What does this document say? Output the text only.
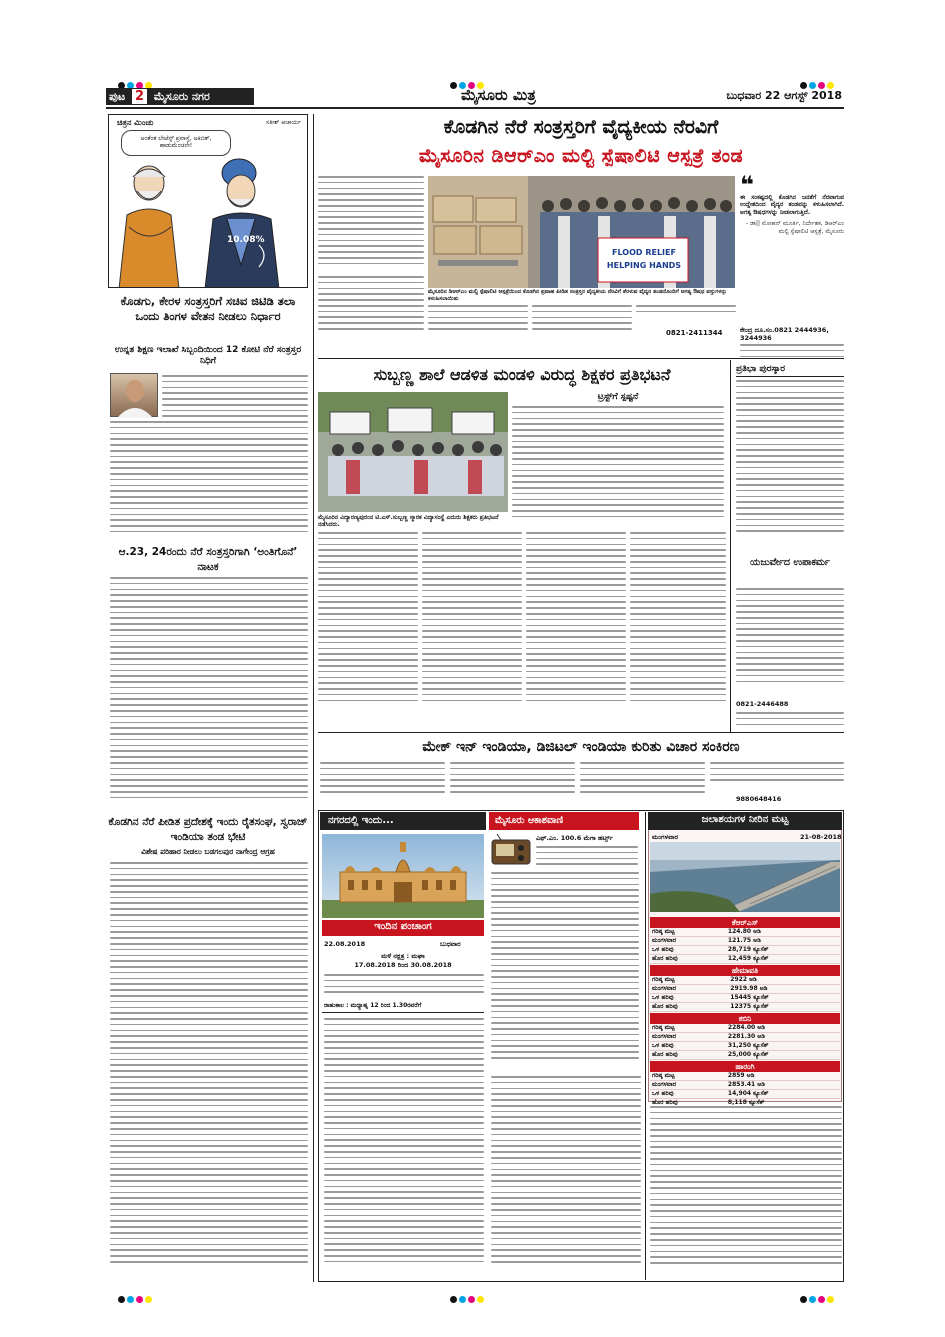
ಪುಟ 2 ಮೈಸೂರು ನಗರ	ಮೈಸೂರು ಮಿತ್ರ	ಬುಧವಾರ 22 ಆಗಸ್ಟ್ 2018
ಚಿತ್ರನ ಮಿಂಚು	ಸತೀಶ್ ಆಚಾರ್ಯ
ಅಂತೆಂತ ಲೇಟೆಸ್ಟ್ ಪ್ರವಾಸ್ತೆ, ಅಕಿಬಿತ್, ಹಾಡುಮೆಂಚನೇ!
10.08%
ಕೊಡಗು, ಕೇರಳ ಸಂತ್ರಸ್ತರಿಗೆ ಸಚಿವ ಜಿಟಿಡಿ ತಲಾ ಒಂದು ತಿಂಗಳ ವೇತನ ನೀಡಲು ನಿರ್ಧಾರ
ಉನ್ನತ ಶಿಕ್ಷಣ ಇಲಾಖೆ ಸಿಬ್ಬಂದಿಯಿಂದ 12 ಕೋಟಿ ನೆರೆ ಸಂತ್ರಸ್ತರ ನಿಧಿಗೆ
ಆ.23, 24ರಂದು ನೆರೆ ಸಂತ್ರಸ್ತರಿಗಾಗಿ ‘ಅಂತಿಗೊನೆ’ ನಾಟಕ
ಕೊಡಗಿನ ನೆರೆ ಪೀಡಿತ ಪ್ರದೇಶಕ್ಕೆ ಇಂದು ರೈತಸಂಘ, ಸ್ವರಾಜ್ ಇಂಡಿಯಾ ತಂಡ ಭೇಟಿ
ವಿಶೇಷ ಪರಿಹಾರ ನೀಡಲು ಬಡಗಲಪುರ ನಾಗೇಂದ್ರ ಆಗ್ರಹ
ಕೊಡಗಿನ ನೆರೆ ಸಂತ್ರಸ್ತರಿಗೆ ವೈದ್ಯಕೀಯ ನೆರವಿಗೆ
ಮೈಸೂರಿನ ಡಿಆರ್‌ಎಂ ಮಲ್ಟಿ ಸ್ಪೆಷಾಲಿಟಿ ಆಸ್ಪತ್ರೆ ತಂಡ
FLOOD RELIEF
HELPING HANDS
ಮೈಸೂರಿನ ಡಿಆರ್‌ಎಂ ಮಲ್ಟಿ ಸ್ಪೆಷಾಲಿಟಿ ಆಸ್ಪತ್ರೆಯಿಂದ ಕೊಡಗಿನ ಪ್ರವಾಹ ಪೀಡಿತ ಸಂತ್ರಸ್ತರ ವೈದ್ಯಕೀಯ ನೆರವಿಗೆ ತೆರಳುವ ವೈದ್ಯರ ತಂಡದೊಂದಿಗೆ ಅಗತ್ಯ ಔಷಧ ವಸ್ತುಗಳನ್ನು ಕಳುಹಿಸಲಾಯಿತು
❝
ಈ ಸಂಕಷ್ಟದಲ್ಲಿ ಕೊಡಗಿನ ಜನತೆಗೆ ನೆರವಾಗುವ ಉದ್ದೇಶದಿಂದ ವೈದ್ಯರ ತಂಡವನ್ನು ಕಳುಹಿಸಲಾಗಿದೆ. ಅಗತ್ಯ ಔಷಧಗಳನ್ನು ನೀಡಲಾಗುತ್ತಿದೆ.
- ಡಾ|| ಮೋಹನ್ ಮೂರ್ತಿ, ನಿರ್ದೇಶಕ, ಡಿಆರ್‌ಎಂ ಮಲ್ಟಿ ಸ್ಪೆಷಾಲಿಟಿ ಆಸ್ಪತ್ರೆ, ಮೈಸೂರು
0821-2411344	ಕೇಂದ್ರ ದೂ.ಸಂ.0821 2444936, 3244936
ಸುಬ್ಬಣ್ಣ ಶಾಲೆ ಆಡಳಿತ ಮಂಡಳಿ ವಿರುದ್ಧ ಶಿಕ್ಷಕರ ಪ್ರತಿಭಟನೆ
ಮೈಸೂರಿನ ವಿದ್ಯಾರಣ್ಯಪುರಂನ ಟಿ.ಎಸ್.ಸುಬ್ಬಣ್ಣ ಸ್ಮಾರಕ ವಿದ್ಯಾಸಂಸ್ಥೆ ಎದುರು ಶಿಕ್ಷಕರು ಪ್ರತಿಭಟನೆ ನಡೆಸಿದರು.
ಟ್ರಸ್ಟ್‌ಗೆ ಸ್ಪಷ್ಟನೆ
ಪ್ರತಿಭಾ ಪುರಸ್ಕಾರ
ಯಜುರ್ವೇದ ಉಪಾಕರ್ಮ
0821-2446488
ಮೇಕ್ ಇನ್ ಇಂಡಿಯಾ, ಡಿಜಿಟಲ್ ಇಂಡಿಯಾ ಕುರಿತು ವಿಚಾರ ಸಂಕಿರಣ
9880648416
ನಗರದಲ್ಲಿ ಇಂದು...
ಇಂದಿನ ಪಂಚಾಂಗ
22.08.2018	ಬುಧವಾರ
ಮಳೆ ನಕ್ಷತ್ರ : ಮಘಾ
17.08.2018 ರಿಂದ 30.08.2018
ರಾಹುಕಾಲ : ಮಧ್ಯಾಹ್ನ 12 ರಿಂದ 1.30ರವರೆಗೆ
ಮೈಸೂರು ಆಕಾಶವಾಣಿ
ಎಫ್.ಎಂ. 100.6 ಮೆಗಾ ಹರ್ಟ್ಸ್
ಜಲಾಶಯಗಳ ನೀರಿನ ಮಟ್ಟ
ಮಂಗಳವಾರ	21-08-2018
ಕೆಆರ್‌ಎಸ್
ಗರಿಷ್ಠ ಮಟ್ಟ	124.80 ಅಡಿ
ಮಂಗಳವಾರ	121.75 ಅಡಿ
ಒಳ ಹರಿವು	28,719 ಕ್ಯೂಸೆಕ್
ಹೊರ ಹರಿವು	12,459 ಕ್ಯೂಸೆಕ್
ಹೇಮಾವತಿ
ಗರಿಷ್ಠ ಮಟ್ಟ	2922 ಅಡಿ
ಮಂಗಳವಾರ	2919.98 ಅಡಿ
ಒಳ ಹರಿವು	15445 ಕ್ಯೂಸೆಕ್
ಹೊರ ಹರಿವು	12375 ಕ್ಯೂಸೆಕ್
ಕಬಿನಿ
ಗರಿಷ್ಠ ಮಟ್ಟ	2284.00 ಅಡಿ
ಮಂಗಳವಾರ	2281.30 ಅಡಿ
ಒಳ ಹರಿವು	31,250 ಕ್ಯೂಸೆಕ್
ಹೊರ ಹರಿವು	25,000 ಕ್ಯೂಸೆಕ್
ಹಾರಂಗಿ
ಗರಿಷ್ಠ ಮಟ್ಟ	2859 ಅಡಿ
ಮಂಗಳವಾರ	2853.41 ಅಡಿ
ಒಳ ಹರಿವು	14,904 ಕ್ಯೂಸೆಕ್
ಹೊರ ಹರಿವು	8,118 ಕ್ಯೂಸೆಕ್
